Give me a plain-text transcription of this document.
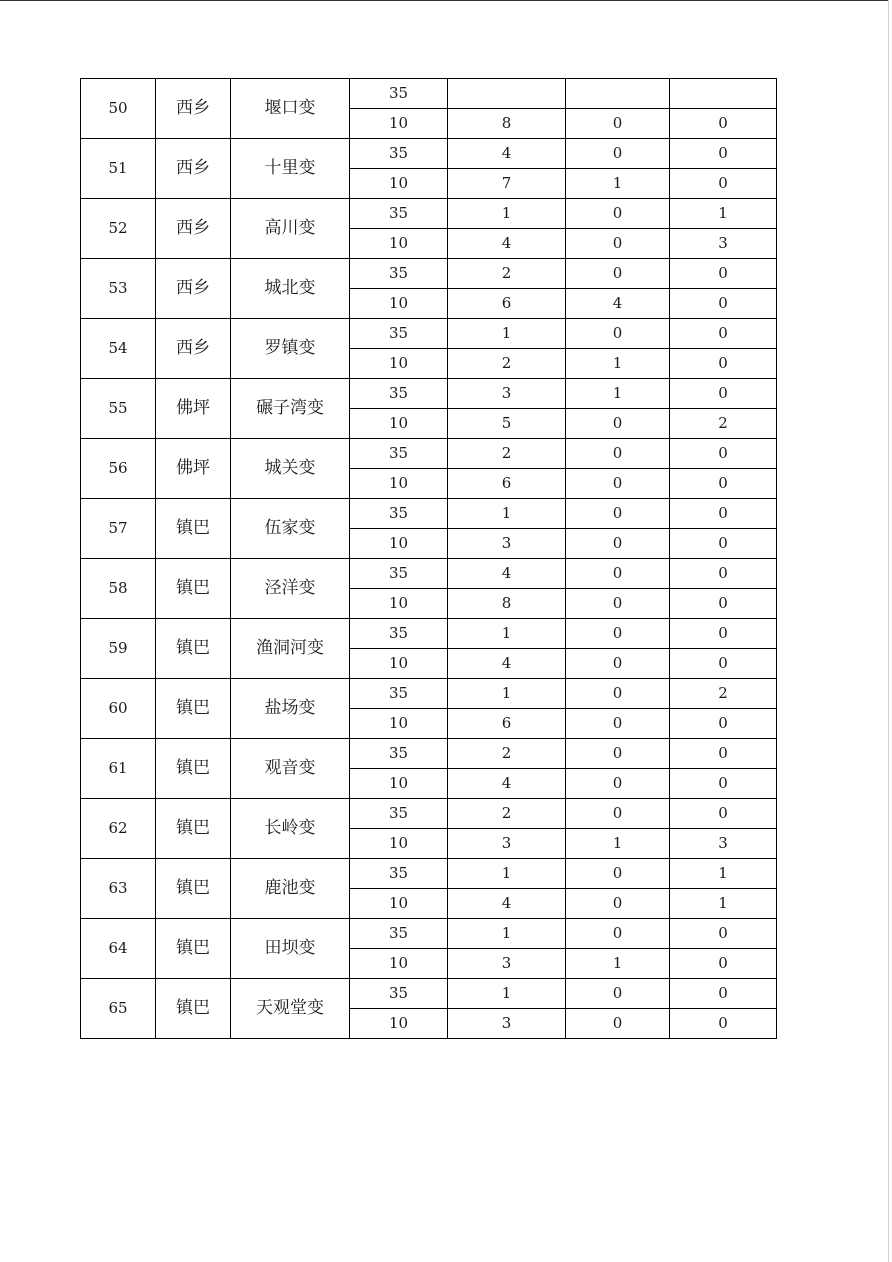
50	西乡	堰口变	35			
			10	8	0	0
51	西乡	十里变	35	4	0	0
			10	7	1	0
52	西乡	高川变	35	1	0	1
			10	4	0	3
53	西乡	城北变	35	2	0	0
			10	6	4	0
54	西乡	罗镇变	35	1	0	0
			10	2	1	0
55	佛坪	碾子湾变	35	3	1	0
			10	5	0	2
56	佛坪	城关变	35	2	0	0
			10	6	0	0
57	镇巴	伍家变	35	1	0	0
			10	3	0	0
58	镇巴	泾洋变	35	4	0	0
			10	8	0	0
59	镇巴	渔洞河变	35	1	0	0
			10	4	0	0
60	镇巴	盐场变	35	1	0	2
			10	6	0	0
61	镇巴	观音变	35	2	0	0
			10	4	0	0
62	镇巴	长岭变	35	2	0	0
			10	3	1	3
63	镇巴	鹿池变	35	1	0	1
			10	4	0	1
64	镇巴	田坝变	35	1	0	0
			10	3	1	0
65	镇巴	天观堂变	35	1	0	0
			10	3	0	0
